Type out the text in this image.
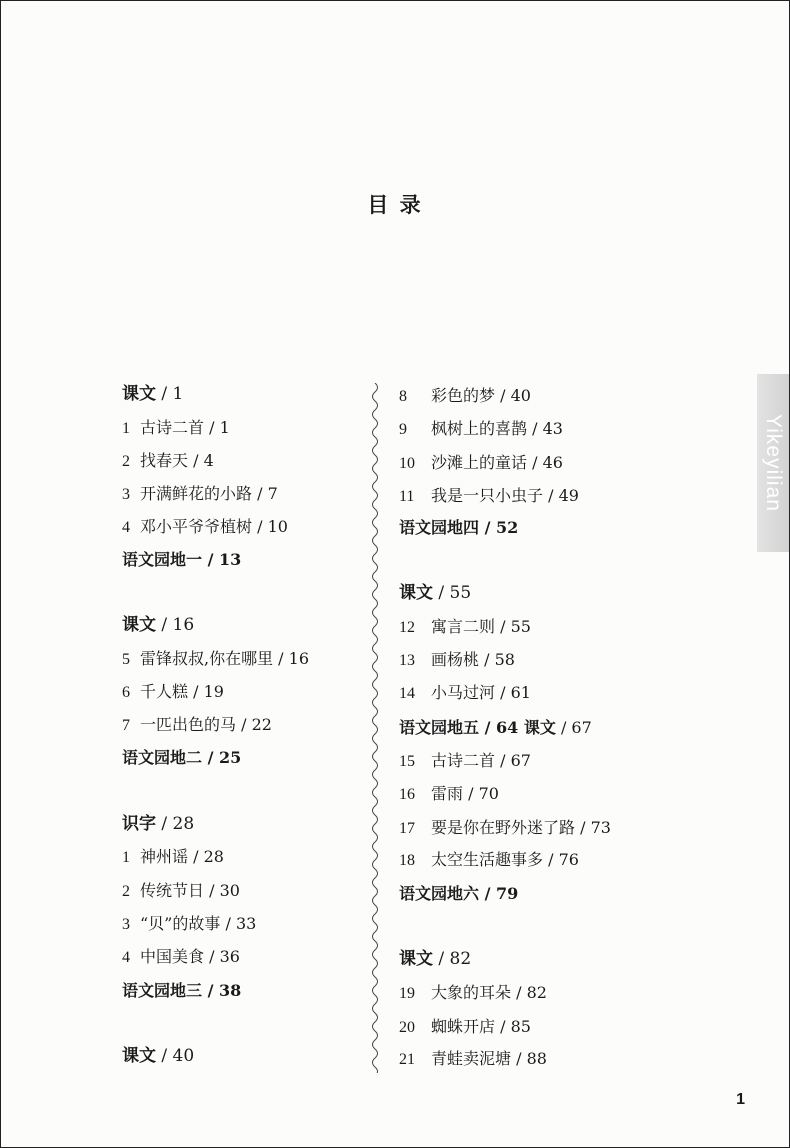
目 录
Yikeyilian
课文 / 1
1 古诗二首 / 1
2 找春天 / 4
3 开满鲜花的小路 / 7
4 邓小平爷爷植树 / 10
语文园地一 / 13
课文 / 16
5 雷锋叔叔,你在哪里 / 16
6 千人糕 / 19
7 一匹出色的马 / 22
语文园地二 / 25
识字 / 28
1 神州谣 / 28
2 传统节日 / 30
3 “贝”的故事 / 33
4 中国美食 / 36
语文园地三 / 38
课文 / 40
8 彩色的梦 / 40
9 枫树上的喜鹊 / 43
10 沙滩上的童话 / 46
11 我是一只小虫子 / 49
语文园地四 / 52
课文 / 55
12 寓言二则 / 55
13 画杨桃 / 58
14 小马过河 / 61
语文园地五 / 64 课文 / 67
15 古诗二首 / 67
16 雷雨 / 70
17 要是你在野外迷了路 / 73
18 太空生活趣事多 / 76
语文园地六 / 79
课文 / 82
19 大象的耳朵 / 82
20 蜘蛛开店 / 85
21 青蛙卖泥塘 / 88
1
